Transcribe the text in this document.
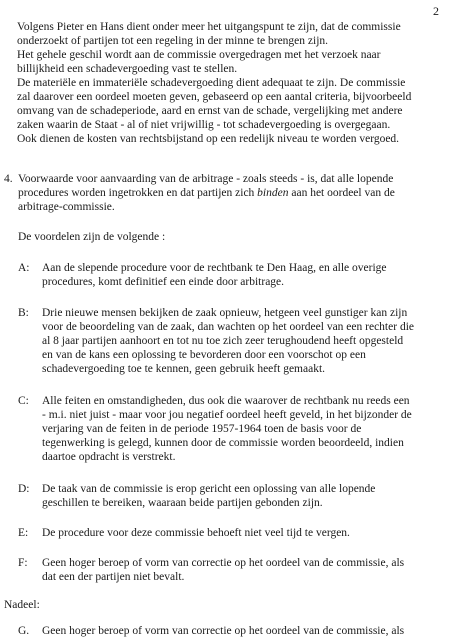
2

Volgens Pieter en Hans dient onder meer het uitgangspunt te zijn, dat de commissie
onderzoekt of partijen tot een regeling in der minne te brengen zijn.

Het gehele geschil wordt aan de commissie overgedragen met het verzoek naar
billijkheid een schadevergoeding vast te stellen.

De materiële en immateriële schadevergoeding dient adequaat te zijn. De commissie
zal daarover een oordeel moeten geven, gebaseerd op een aantal criteria, bijvoorbeeld
omvang van de schadeperiode, aard en ernst van de schade, vergelijking met andere
zaken waarin de Staat - al of niet vrijwillig - tot schadevergoeding is overgegaan.
Ook dienen de kosten van rechtsbijstand op een redelijk niveau te worden vergoed.

4. Voorwaarde voor aanvaarding van de arbitrage - zoals steeds - is, dat alle lopende
procedures worden ingetrokken en dat partijen zich binden aan het oordeel van de
arbitrage-commissie.
De voordelen zijn de volgende :
A:	Aan de slepende procedure voor de rechtbank te Den Haag, en alle overige
procedures, komt definitief een einde door arbitrage.
B:	Drie nieuwe mensen bekijken de zaak opnieuw, hetgeen veel gunstiger kan zijn
voor de beoordeling van de zaak, dan wachten op het oordeel van een rechter die
al 8 jaar partijen aanhoort en tot nu toe zich zeer terughoudend heeft opgesteld
en van de kans een oplossing te bevorderen door een voorschot op een
schadevergoeding toe te kennen, geen gebruik heeft gemaakt.
C:	Alle feiten en omstandigheden, dus ook die waarover de rechtbank nu reeds een
- m.i. niet juist - maar voor jou negatief oordeel heeft geveld, in het bijzonder de
verjaring van de feiten in de periode 1957-1964 toen de basis voor de
tegenwerking is gelegd, kunnen door de commissie worden beoordeeld, indien
daartoe opdracht is verstrekt.
D:	De taak van de commissie is erop gericht een oplossing van alle lopende
geschillen te bereiken, waaraan beide partijen gebonden zijn.
E:	De procedure voor deze commissie behoeft niet veel tijd te vergen.
F:	Geen hoger beroep of vorm van correctie op het oordeel van de commissie, als
dat een der partijen niet bevalt.
Nadeel:
G.	Geen hoger beroep of vorm van correctie op het oordeel van de commissie, als
